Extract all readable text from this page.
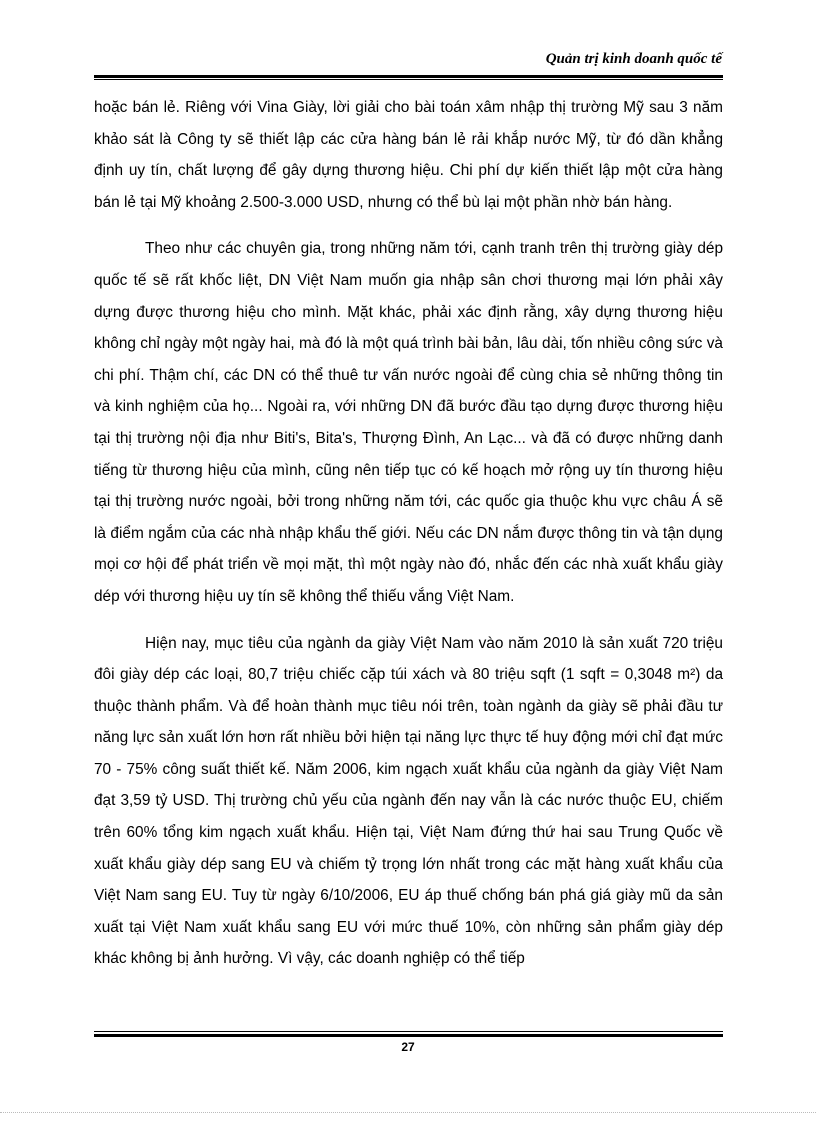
Quản trị kinh doanh quốc tế

hoặc bán lẻ. Riêng với Vina Giày, lời giải cho bài toán xâm nhập thị trường Mỹ sau 3 năm khảo sát là Công ty sẽ thiết lập các cửa hàng bán lẻ rải khắp nước Mỹ, từ đó dần khẳng định uy tín, chất lượng để gây dựng thương hiệu. Chi phí dự kiến thiết lập một cửa hàng bán lẻ tại Mỹ khoảng 2.500-3.000 USD, nhưng có thể bù lại một phần nhờ bán hàng.

Theo như các chuyên gia, trong những năm tới, cạnh tranh trên thị trường giày dép quốc tế sẽ rất khốc liệt, DN Việt Nam muốn gia nhập sân chơi thương mại lớn phải xây dựng được thương hiệu cho mình. Mặt khác, phải xác định rằng, xây dựng thương hiệu không chỉ ngày một ngày hai, mà đó là một quá trình bài bản, lâu dài, tốn nhiều công sức và chi phí. Thậm chí, các DN có thể thuê tư vấn nước ngoài để cùng chia sẻ những thông tin và kinh nghiệm của họ... Ngoài ra, với những DN đã bước đầu tạo dựng được thương hiệu tại thị trường nội địa như Biti's, Bita's, Thượng Đình, An Lạc... và đã có được những danh tiếng từ thương hiệu của mình, cũng nên tiếp tục có kế hoạch mở rộng uy tín thương hiệu tại thị trường nước ngoài, bởi trong những năm tới, các quốc gia thuộc khu vực châu Á sẽ là điểm ngắm của các nhà nhập khẩu thế giới. Nếu các DN nắm được thông tin và tận dụng mọi cơ hội để phát triển về mọi mặt, thì một ngày nào đó, nhắc đến các nhà xuất khẩu giày dép với thương hiệu uy tín sẽ không thể thiếu vắng Việt Nam.

Hiện nay, mục tiêu của ngành da giày Việt Nam vào năm 2010 là sản xuất 720 triệu đôi giày dép các loại, 80,7 triệu chiếc cặp túi xách và 80 triệu sqft (1 sqft = 0,3048 m²) da thuộc thành phẩm. Và để hoàn thành mục tiêu nói trên, toàn ngành da giày sẽ phải đầu tư năng lực sản xuất lớn hơn rất nhiều bởi hiện tại năng lực thực tế huy động mới chỉ đạt mức 70 - 75% công suất thiết kế. Năm 2006, kim ngạch xuất khẩu của ngành da giày Việt Nam đạt 3,59 tỷ USD. Thị trường chủ yếu của ngành đến nay vẫn là các nước thuộc EU, chiếm trên 60% tổng kim ngạch xuất khẩu. Hiện tại, Việt Nam đứng thứ hai sau Trung Quốc về xuất khẩu giày dép sang EU và chiếm tỷ trọng lớn nhất trong các mặt hàng xuất khẩu của Việt Nam sang EU. Tuy từ ngày 6/10/2006, EU áp thuế chống bán phá giá giày mũ da sản xuất tại Việt Nam xuất khẩu sang EU với mức thuế 10%, còn những sản phẩm giày dép khác không bị ảnh hưởng. Vì vậy, các doanh nghiệp có thể tiếp

27
